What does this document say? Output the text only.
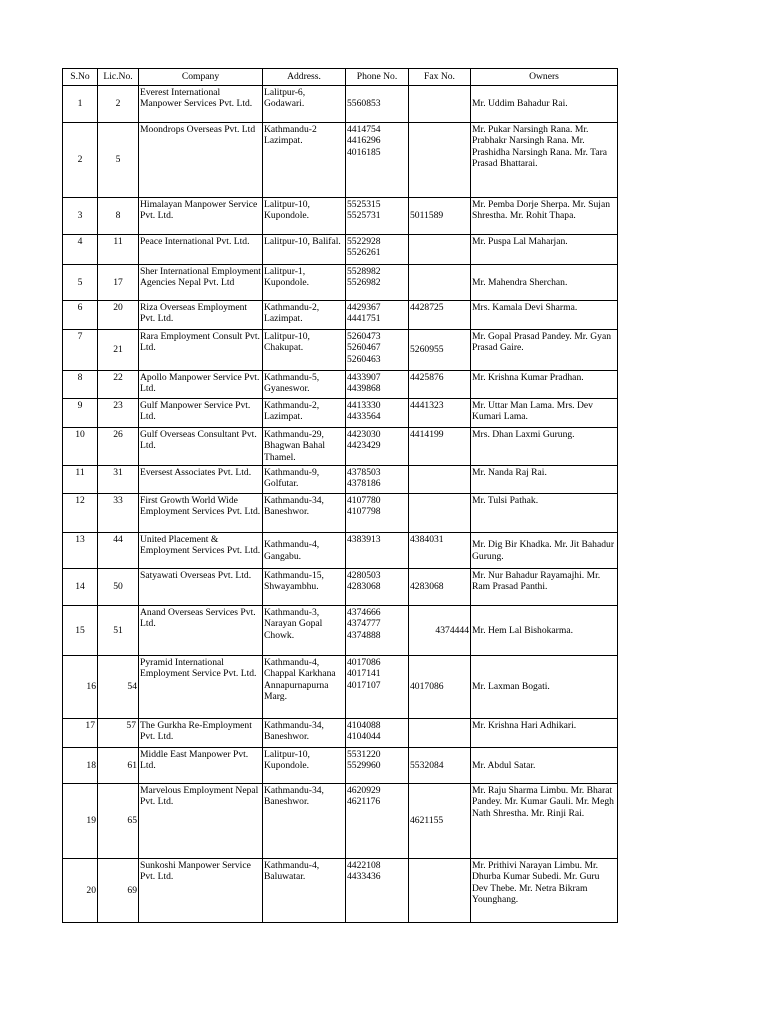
S.No	Lic.No.	Company	Address.	Phone No.	Fax No.	Owners
1	2	Everest International Manpower Services Pvt. Ltd.	Lalitpur-6, Godawari.	5560853		Mr. Uddim Bahadur Rai.
2	5	Moondrops Overseas Pvt. Ltd	Kathmandu-2 Lazimpat.	4414754
4416296
4016185		Mr. Pukar Narsingh Rana. Mr. Prabhakr Narsingh Rana. Mr. Prashidha Narsingh Rana. Mr. Tara Prasad Bhattarai.
3	8	Himalayan Manpower Service Pvt. Ltd.	Lalitpur-10, Kupondole.	5525315
5525731	5011589	Mr. Pemba Dorje Sherpa. Mr. Sujan Shrestha. Mr. Rohit Thapa.
4	11	Peace International Pvt. Ltd.	Lalitpur-10, Balifal.	5522928
5526261		Mr. Puspa Lal Maharjan.
5	17	Sher International Employment Agencies Nepal Pvt. Ltd	Lalitpur-1, Kupondole.	5528982
5526982		Mr. Mahendra Sherchan.
6	20	Riza Overseas Employment Pvt. Ltd.	Kathmandu-2, Lazimpat.	4429367
4441751	4428725	Mrs. Kamala Devi Sharma.
7	21	Rara Employment Consult Pvt. Ltd.	Lalitpur-10, Chakupat.	5260473
5260467
5260463	5260955	Mr. Gopal Prasad Pandey. Mr. Gyan Prasad Gaire.
8	22	Apollo Manpower Service Pvt. Ltd.	Kathmandu-5, Gyaneswor.	4433907
4439868	4425876	Mr. Krishna Kumar Pradhan.
9	23	Gulf Manpower Service Pvt. Ltd.	Kathmandu-2, Lazimpat.	4413330
4433564	4441323	Mr. Uttar Man Lama. Mrs. Dev Kumari Lama.
10	26	Gulf Overseas Consultant Pvt. Ltd.	Kathmandu-29, Bhagwan Bahal Thamel.	4423030
4423429	4414199	Mrs. Dhan Laxmi Gurung.
11	31	Eversest Associates Pvt. Ltd.	Kathmandu-9, Golfutar.	4378503
4378186		Mr. Nanda Raj Rai.
12	33	First Growth World Wide Employment Services Pvt. Ltd.	Kathmandu-34, Baneshwor.	4107780
4107798		Mr. Tulsi Pathak.
13	44	United Placement & Employment Services Pvt. Ltd.	Kathmandu-4, Gangabu.	4383913	4384031	Mr. Dig Bir Khadka. Mr. Jit Bahadur Gurung.
14	50	Satyawati Overseas Pvt. Ltd.	Kathmandu-15, Shwayambhu.	4280503
4283068	4283068	Mr. Nur Bahadur Rayamajhi. Mr. Ram Prasad Panthi.
15	51	Anand Overseas Services Pvt. Ltd.	Kathmandu-3, Narayan Gopal Chowk.	4374666
4374777
4374888	4374444	Mr. Hem Lal Bishokarma.
16	54	Pyramid International Employment Service Pvt. Ltd.	Kathmandu-4, Chappal Karkhana Annapurnapurna Marg.	4017086
4017141
4017107	4017086	Mr. Laxman Bogati.
17	57	The Gurkha Re-Employment Pvt. Ltd.	Kathmandu-34, Baneshwor.	4104088
4104044		Mr. Krishna Hari Adhikari.
18	61	Middle East Manpower Pvt. Ltd.	Lalitpur-10, Kupondole.	5531220
5529960	5532084	Mr. Abdul Satar.
19	65	Marvelous Employment Nepal Pvt. Ltd.	Kathmandu-34, Baneshwor.	4620929
4621176	4621155	Mr. Raju Sharma Limbu. Mr. Bharat Pandey. Mr. Kumar Gauli. Mr. Megh Nath Shrestha. Mr. Rinji Rai.
20	69	Sunkoshi Manpower Service Pvt. Ltd.	Kathmandu-4, Baluwatar.	4422108
4433436		Mr. Prithivi Narayan Limbu. Mr. Dhurba Kumar Subedi. Mr. Guru Dev Thebe. Mr. Netra Bikram Younghang.
